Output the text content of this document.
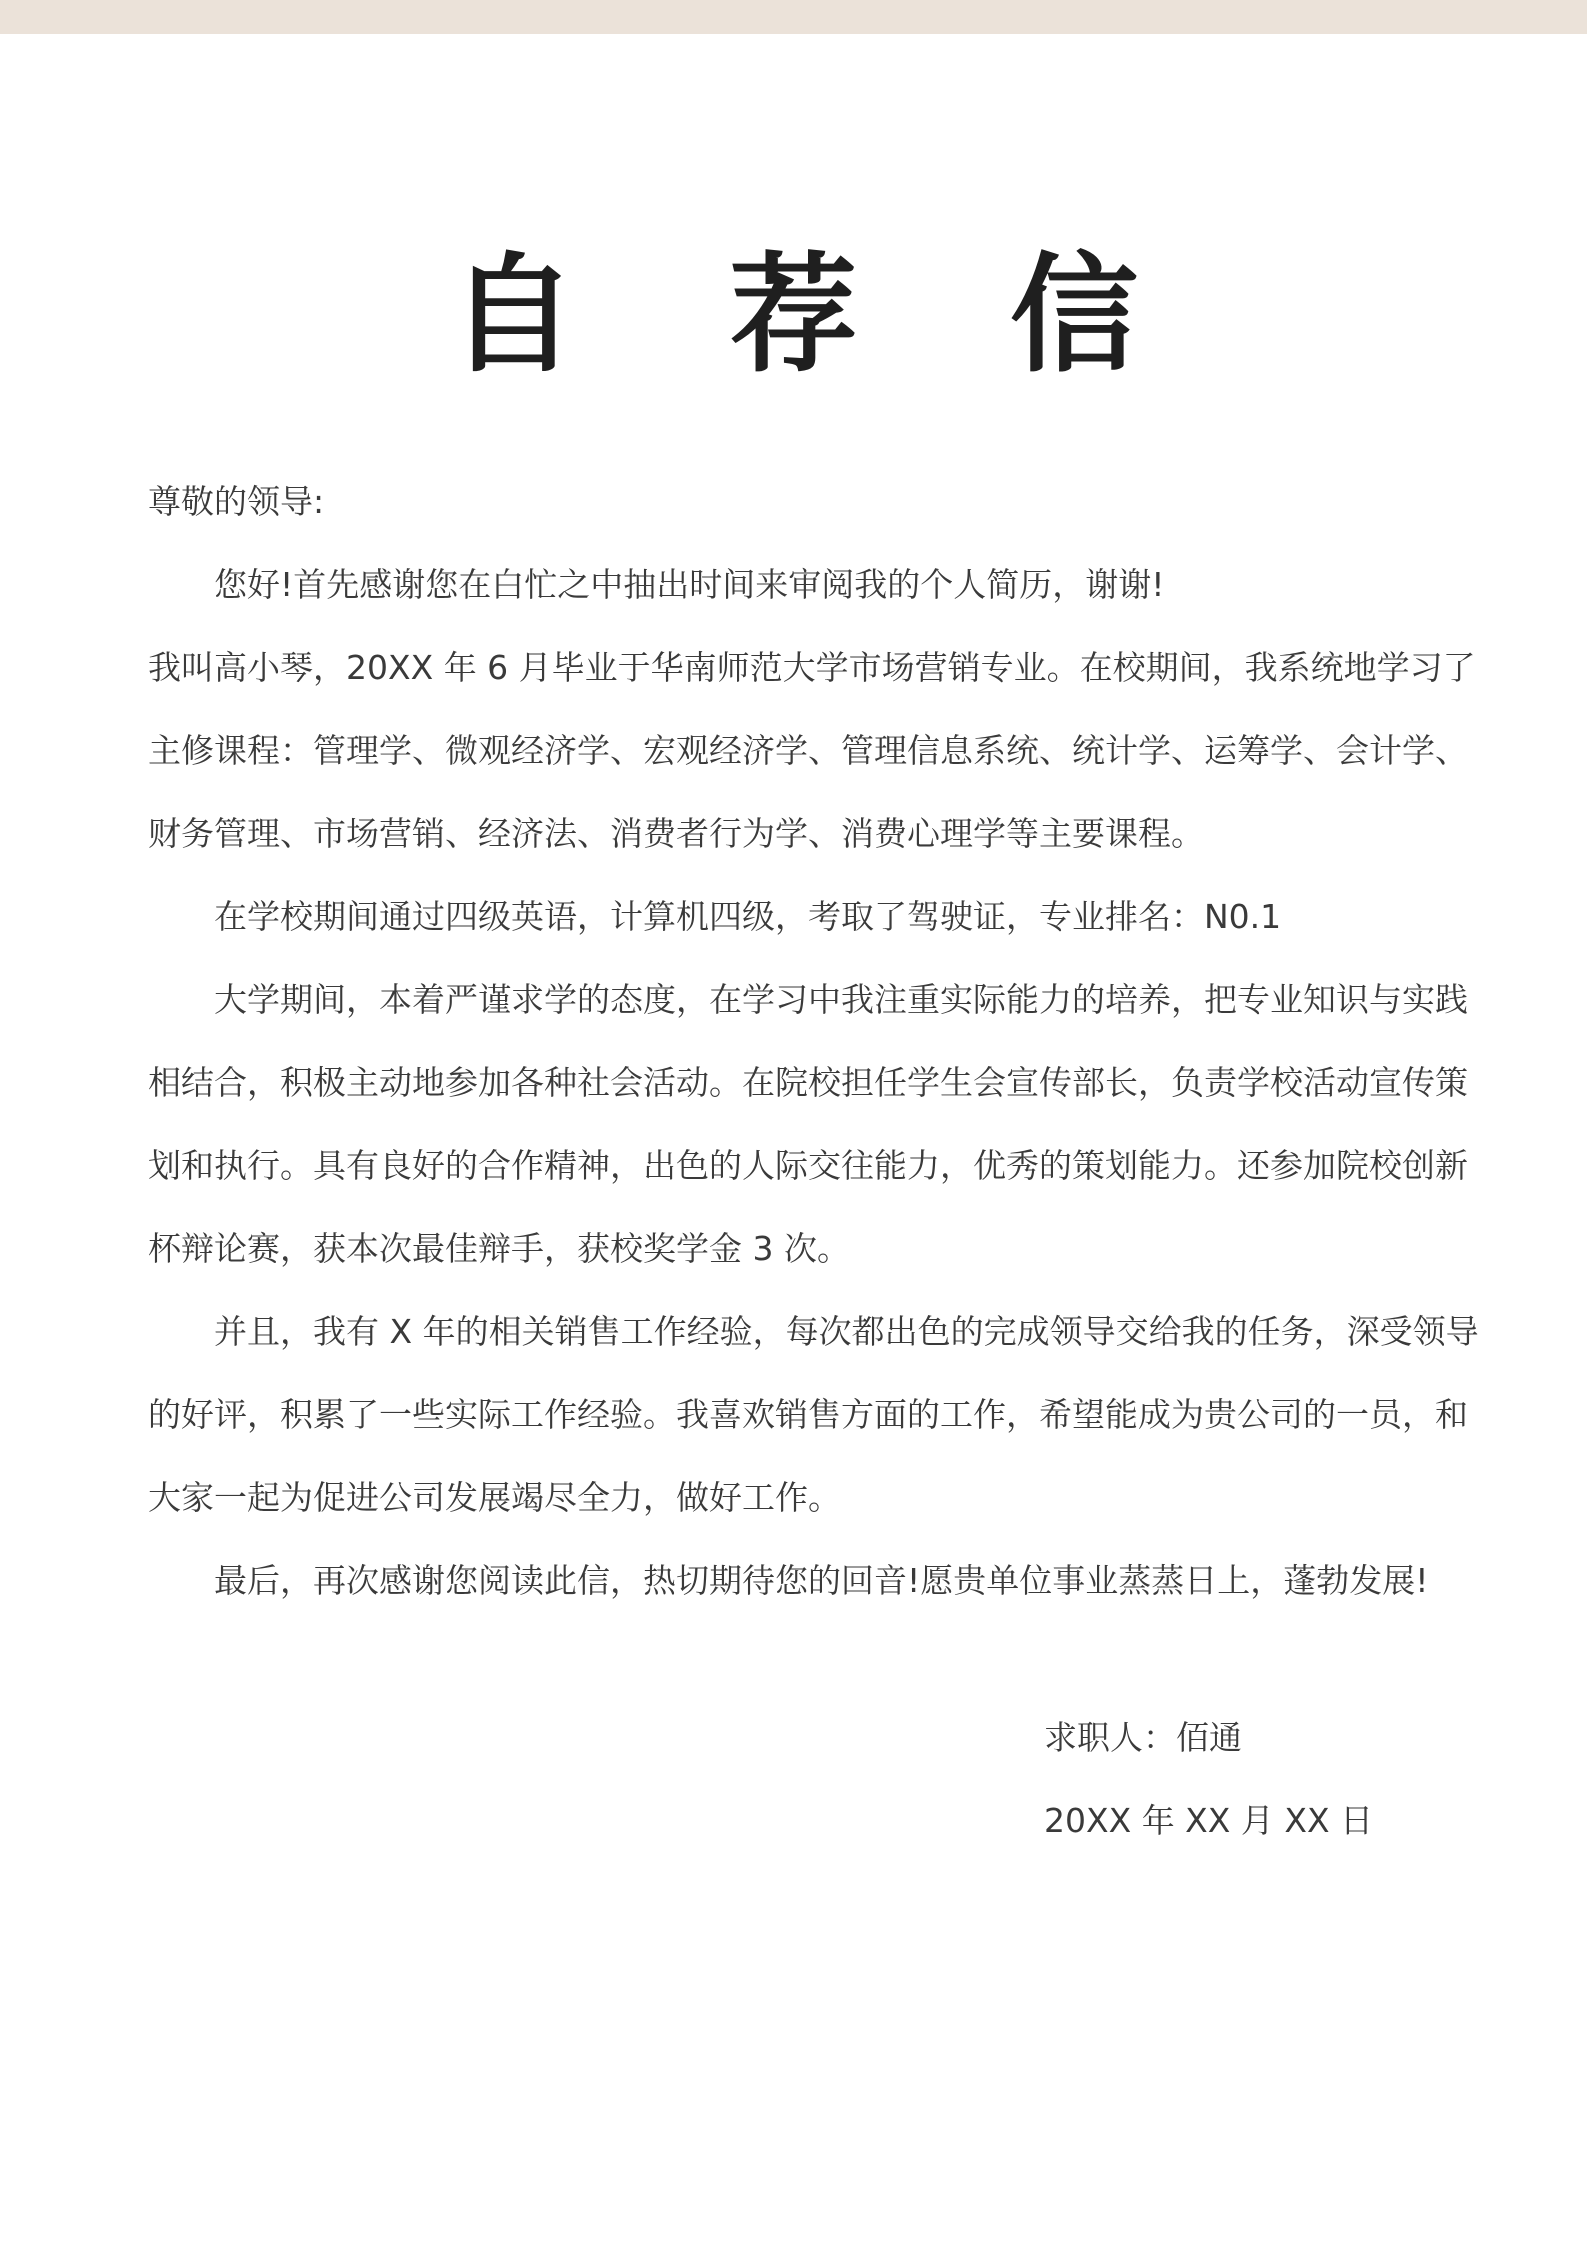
自 荐 信

尊敬的领导:

您好!首先感谢您在白忙之中抽出时间来审阅我的个人简历，谢谢!

我叫高小琴，20XX 年 6 月毕业于华南师范大学市场营销专业。在校期间，我系统地学习了

主修课程：管理学、微观经济学、宏观经济学、管理信息系统、统计学、运筹学、会计学、

财务管理、市场营销、经济法、消费者行为学、消费心理学等主要课程。

在学校期间通过四级英语，计算机四级，考取了驾驶证，专业排名：N0.1

大学期间，本着严谨求学的态度，在学习中我注重实际能力的培养，把专业知识与实践

相结合，积极主动地参加各种社会活动。在院校担任学生会宣传部长，负责学校活动宣传策

划和执行。具有良好的合作精神，出色的人际交往能力，优秀的策划能力。还参加院校创新

杯辩论赛，获本次最佳辩手，获校奖学金 3 次。

并且，我有 X 年的相关销售工作经验，每次都出色的完成领导交给我的任务，深受领导

的好评，积累了一些实际工作经验。我喜欢销售方面的工作，希望能成为贵公司的一员，和

大家一起为促进公司发展竭尽全力，做好工作。

最后，再次感谢您阅读此信，热切期待您的回音!愿贵单位事业蒸蒸日上，蓬勃发展!

求职人：佰通

20XX 年 XX 月 XX 日
